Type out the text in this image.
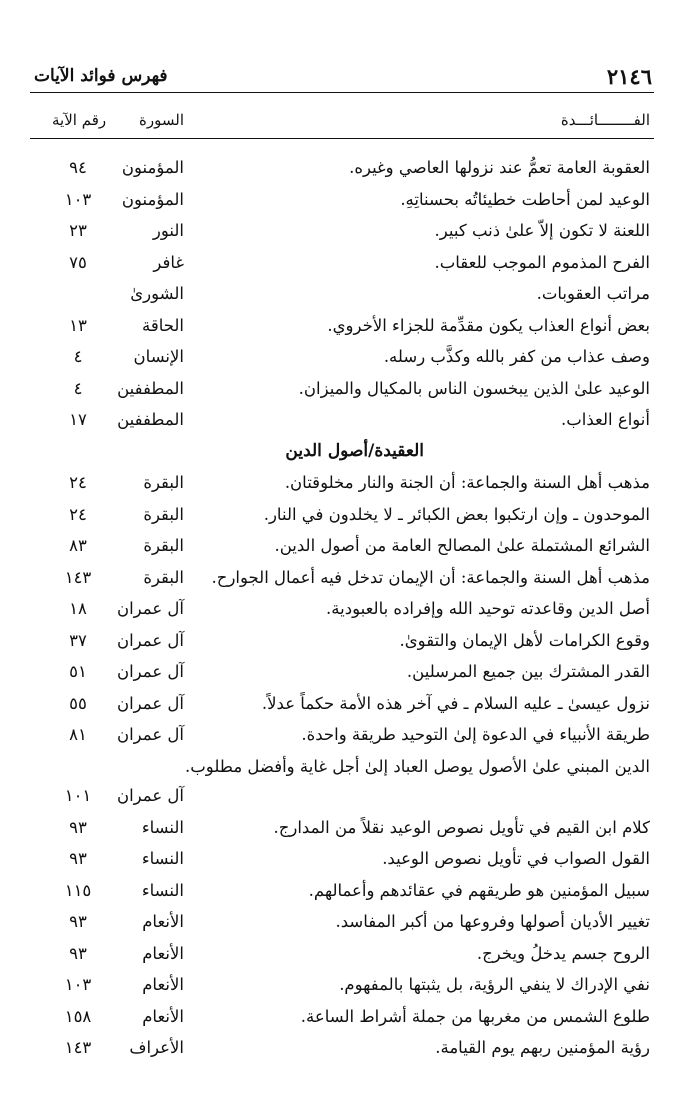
٢١٤٦
فهرس فوائد الآيات
الفــــــــائـــدة
السورة
رقم الآية
العقوبة العامة تعمُّ عند نزولها العاصي وغيره.
المؤمنون
٩٤
الوعيد لمن أحاطت خطيئاتُه بحسناتِهِ.
المؤمنون
١٠٣
اللعنة لا تكون إلاّ علىٰ ذنب كبير.
النور
٢٣
الفرح المذموم الموجب للعقاب.
غافر
٧٥
مراتب العقوبات.
الشورىٰ
بعض أنواع العذاب يكون مقدِّمة للجزاء الأخروي.
الحاقة
١٣
وصف عذاب من كفر بالله وكذَّب رسله.
الإنسان
٤
الوعيد علىٰ الذين يبخسون الناس بالمكيال والميزان.
المطففين
٤
أنواع العذاب.
المطففين
١٧
العقيدة/أصول الدين
مذهب أهل السنة والجماعة: أن الجنة والنار مخلوقتان.
البقرة
٢٤
الموحدون ـ وإن ارتكبوا بعض الكبائر ـ لا يخلدون في النار.
البقرة
٢٤
الشرائع المشتملة علىٰ المصالح العامة من أصول الدين.
البقرة
٨٣
مذهب أهل السنة والجماعة: أن الإيمان تدخل فيه أعمال الجوارح.
البقرة
١٤٣
أصل الدين وقاعدته توحيد الله وإفراده بالعبودية.
آل عمران
١٨
وقوع الكرامات لأهل الإيمان والتقوىٰ.
آل عمران
٣٧
القدر المشترك بين جميع المرسلين.
آل عمران
٥١
نزول عيسىٰ ـ عليه السلام ـ في آخر هذه الأمة حكماً عدلاً.
آل عمران
٥٥
طريقة الأنبياء في الدعوة إلىٰ التوحيد طريقة واحدة.
آل عمران
٨١
الدين المبني علىٰ الأصول يوصل العباد إلىٰ أجل غاية وأفضل مطلوب.
آل عمران
١٠١
كلام ابن القيم في تأويل نصوص الوعيد نقلاً من المدارج.
النساء
٩٣
القول الصواب في تأويل نصوص الوعيد.
النساء
٩٣
سبيل المؤمنين هو طريقهم في عقائدهم وأعمالهم.
النساء
١١٥
تغيير الأديان أصولها وفروعها من أكبر المفاسد.
الأنعام
٩٣
الروح جسم يدخلُ ويخرج.
الأنعام
٩٣
نفي الإدراك لا ينفي الرؤية، بل يثبتها بالمفهوم.
الأنعام
١٠٣
طلوع الشمس من مغربها من جملة أشراط الساعة.
الأنعام
١٥٨
رؤية المؤمنين ربهم يوم القيامة.
الأعراف
١٤٣
